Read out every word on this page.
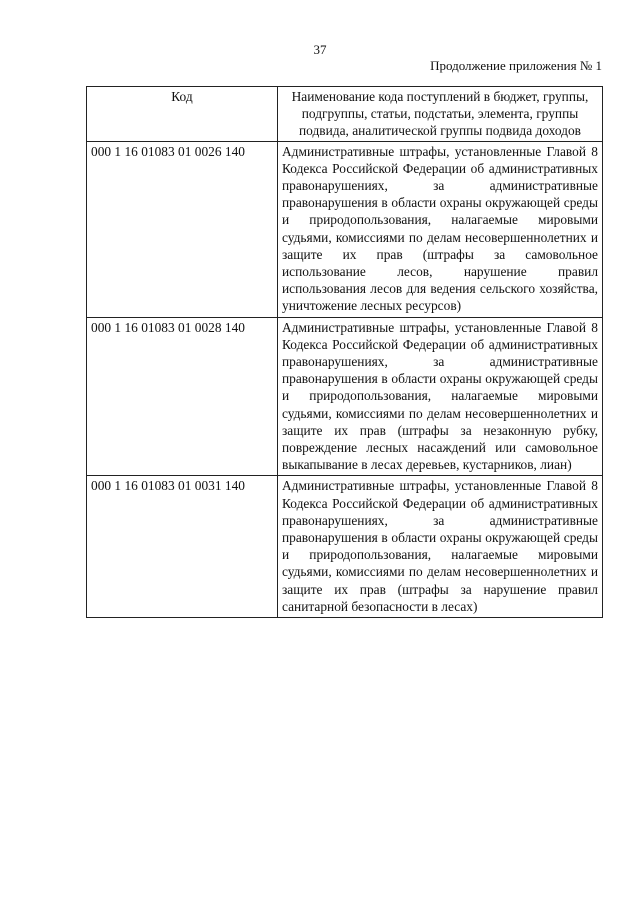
37
Продолжение приложения № 1
Код	Наименование кода поступлений в бюджет, группы, подгруппы, статьи, подстатьи, элемента, группы подвида, аналитической группы подвида доходов
000 1 16 01083 01 0026 140	Административные штрафы, установленные Главой 8 Кодекса Российской Федерации об административных правонарушениях, за административные правонарушения в области охраны окружающей среды и природопользования, налагаемые мировыми судьями, комиссиями по делам несовершеннолетних и защите их прав (штрафы за самовольное использование лесов, нарушение правил использования лесов для ведения сельского хозяйства, уничтожение лесных ресурсов)
000 1 16 01083 01 0028 140	Административные штрафы, установленные Главой 8 Кодекса Российской Федерации об административных правонарушениях, за административные правонарушения в области охраны окружающей среды и природопользования, налагаемые мировыми судьями, комиссиями по делам несовершеннолетних и защите их прав (штрафы за незаконную рубку, повреждение лесных насаждений или самовольное выкапывание в лесах деревьев, кустарников, лиан)
000 1 16 01083 01 0031 140	Административные штрафы, установленные Главой 8 Кодекса Российской Федерации об административных правонарушениях, за административные правонарушения в области охраны окружающей среды и природопользования, налагаемые мировыми судьями, комиссиями по делам несовершеннолетних и защите их прав (штрафы за нарушение правил санитарной безопасности в лесах)
